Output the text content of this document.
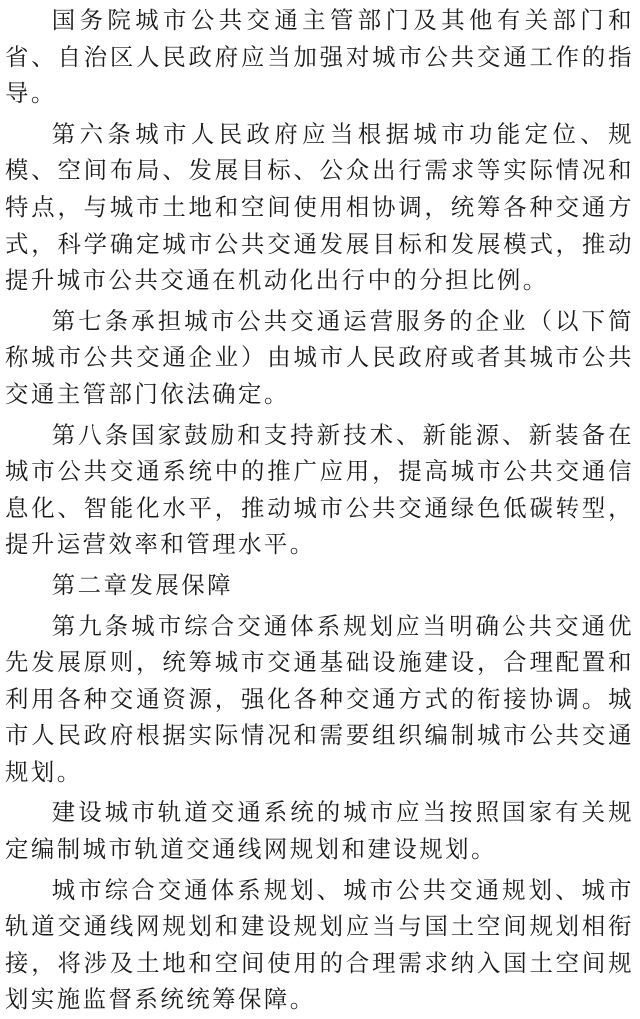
国务院城市公共交通主管部门及其他有关部门和省、自治区人民政府应当加强对城市公共交通工作的指导。

第六条城市人民政府应当根据城市功能定位、规模、空间布局、发展目标、公众出行需求等实际情况和特点，与城市土地和空间使用相协调，统筹各种交通方式，科学确定城市公共交通发展目标和发展模式，推动提升城市公共交通在机动化出行中的分担比例。

第七条承担城市公共交通运营服务的企业（以下简称城市公共交通企业）由城市人民政府或者其城市公共交通主管部门依法确定。

第八条国家鼓励和支持新技术、新能源、新装备在城市公共交通系统中的推广应用，提高城市公共交通信息化、智能化水平，推动城市公共交通绿色低碳转型，提升运营效率和管理水平。

第二章发展保障

第九条城市综合交通体系规划应当明确公共交通优先发展原则，统筹城市交通基础设施建设，合理配置和利用各种交通资源，强化各种交通方式的衔接协调。城市人民政府根据实际情况和需要组织编制城市公共交通规划。

建设城市轨道交通系统的城市应当按照国家有关规定编制城市轨道交通线网规划和建设规划。

城市综合交通体系规划、城市公共交通规划、城市轨道交通线网规划和建设规划应当与国土空间规划相衔接，将涉及土地和空间使用的合理需求纳入国土空间规划实施监督系统统筹保障。
